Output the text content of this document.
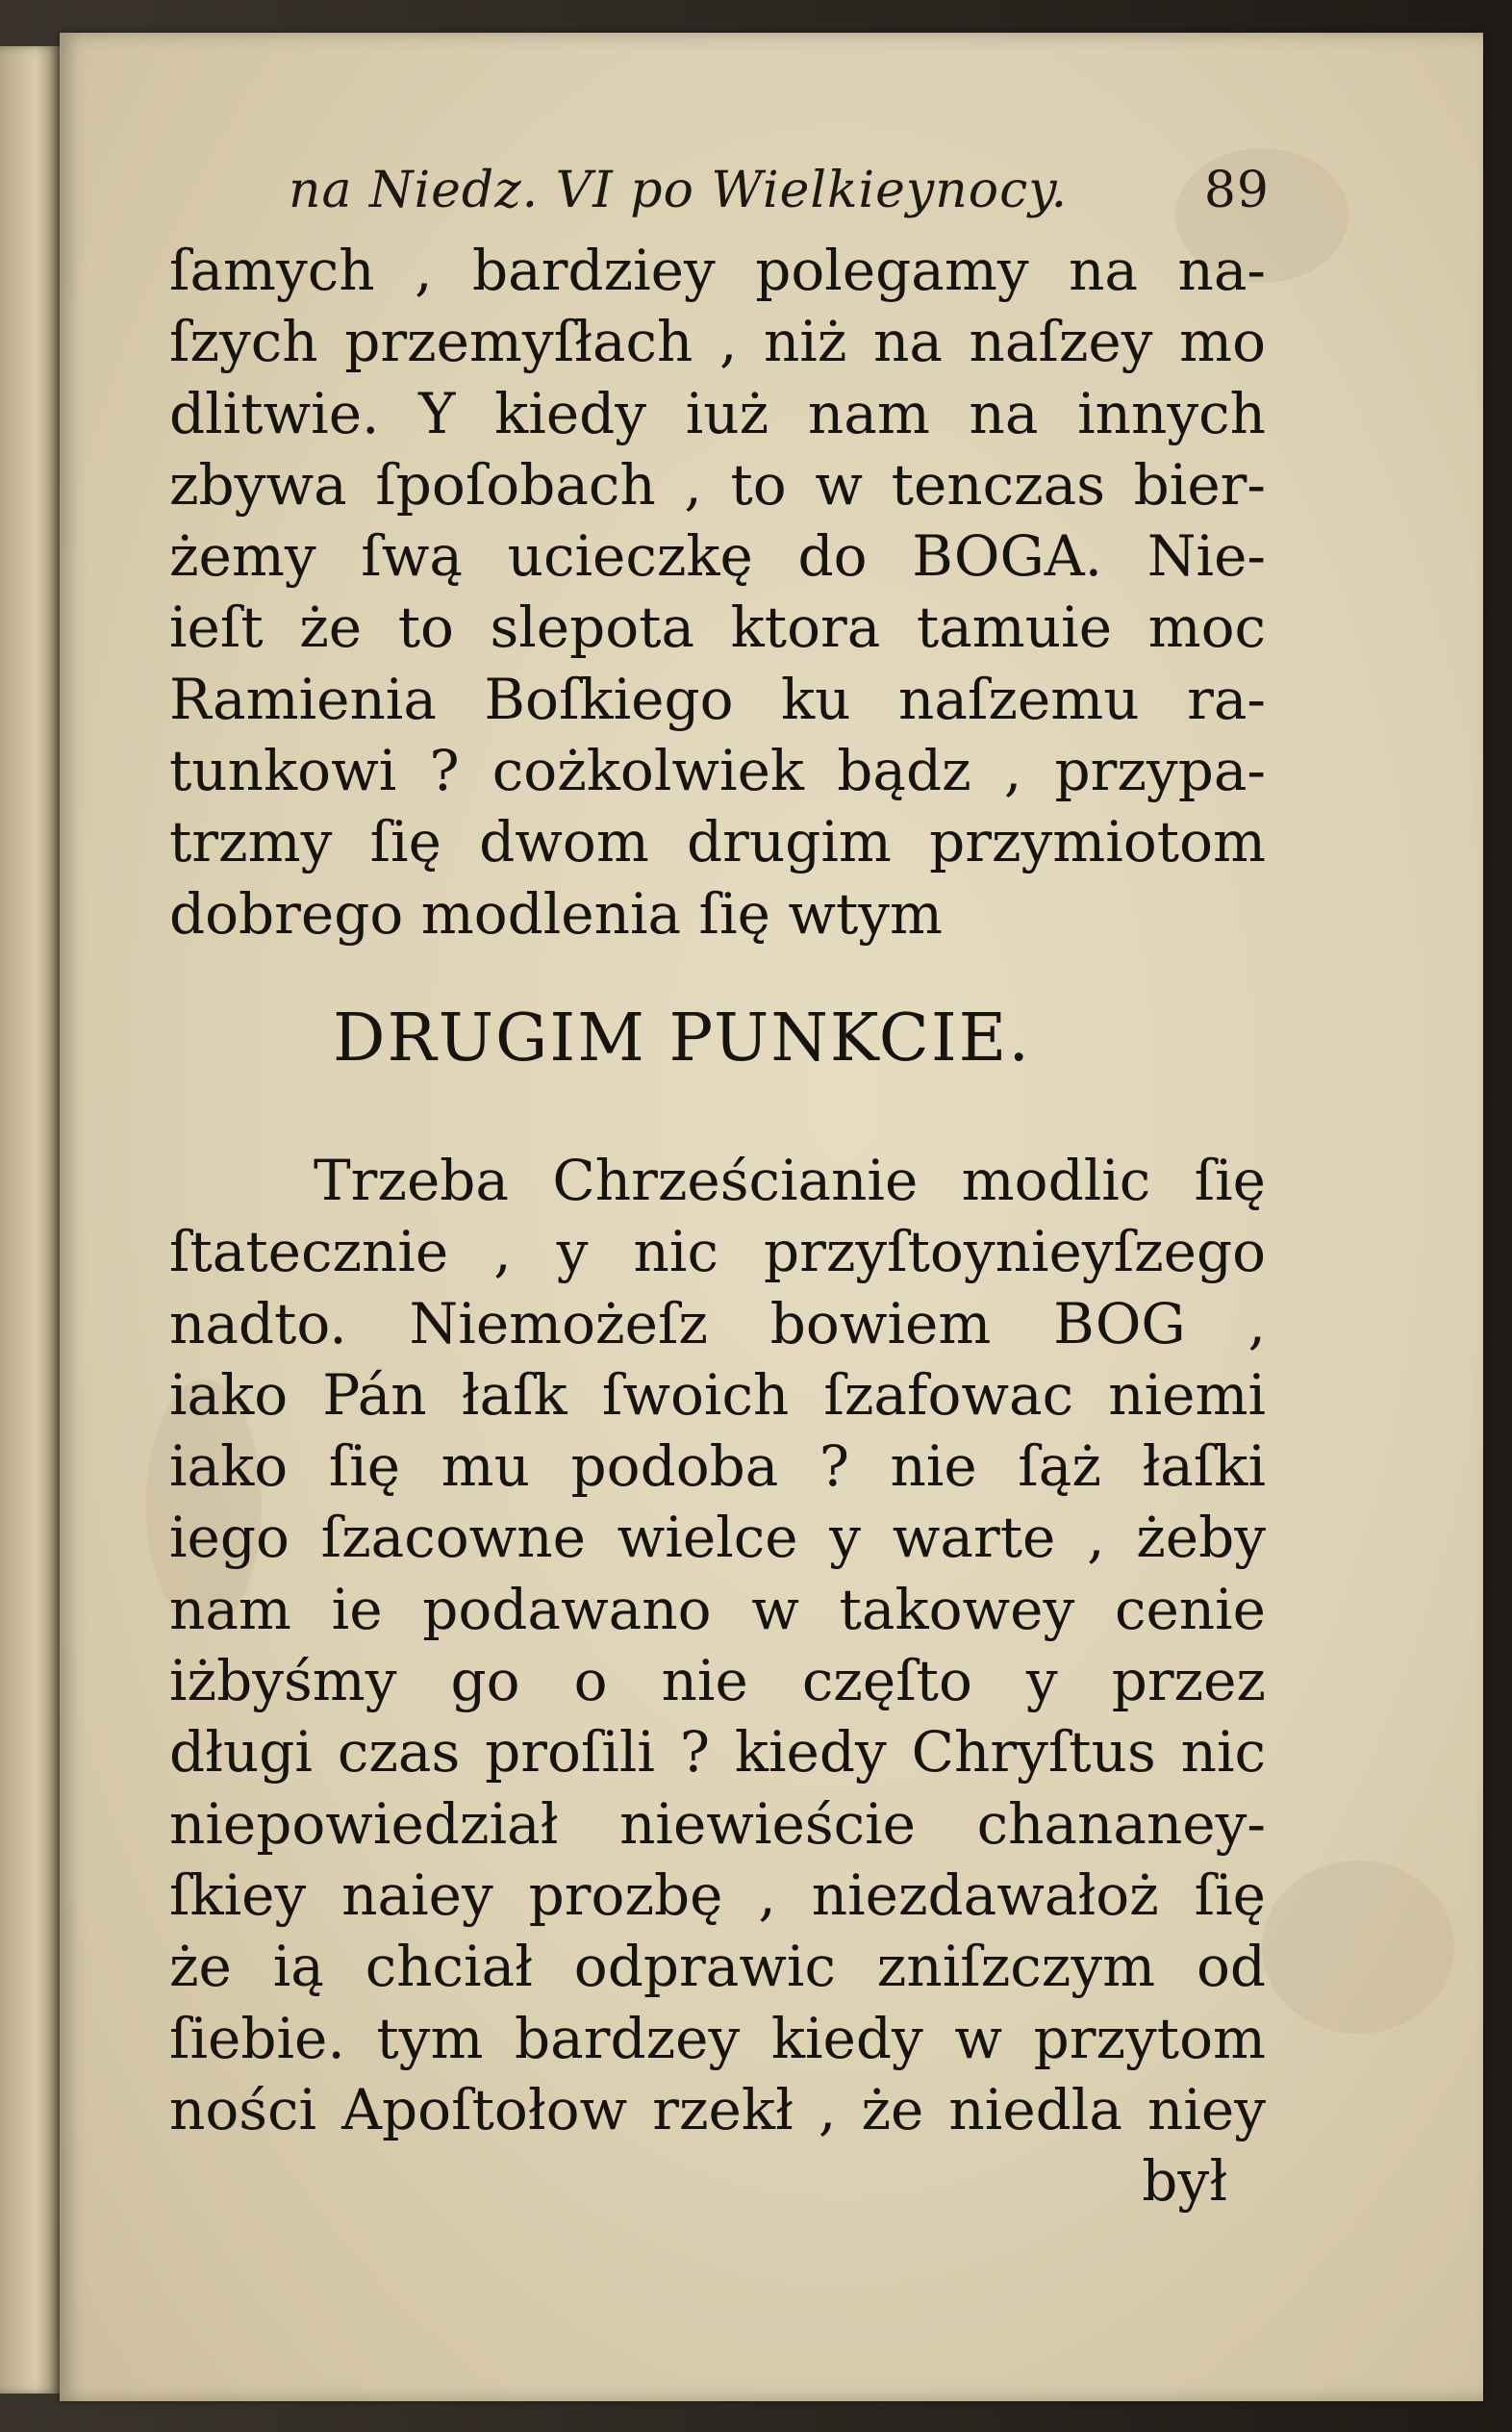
na Niedz. VI po Wielkieynocy.	89
ſamych , bardziey polegamy na na-
ſzych przemyſłach , niż na naſzey mo
dlitwie. Y kiedy iuż nam na innych
zbywa ſpoſobach , to w tenczas bier-
żemy ſwą ucieczkę do BOGA. Nie-
ieſt że to slepota ktora tamuie moc
Ramienia Boſkiego ku naſzemu ra-
tunkowi ? cożkolwiek bądz , przypa-
trzmy ſię dwom drugim przymiotom
dobrego modlenia ſię wtym
DRUGIM PUNKCIE.
Trzeba Chrześcianie modlic ſię
ſtatecznie , y nic przyſtoynieyſzego
nadto. Niemożeſz bowiem BOG ,
iako Pán łaſk ſwoich ſzafowac niemi
iako ſię mu podoba ? nie ſąż łaſki
iego ſzacowne wielce y warte , żeby
nam ie podawano w takowey cenie
iżbyśmy go o nie częſto y przez
długi czas proſili ? kiedy Chryſtus nic
niepowiedział niewieście chananey-
ſkiey naiey prozbę , niezdawałoż ſię
że ią chciał odprawic zniſzczym od
ſiebie. tym bardzey kiedy w przytom
ności Apoſtołow rzekł , że niedla niey
był
